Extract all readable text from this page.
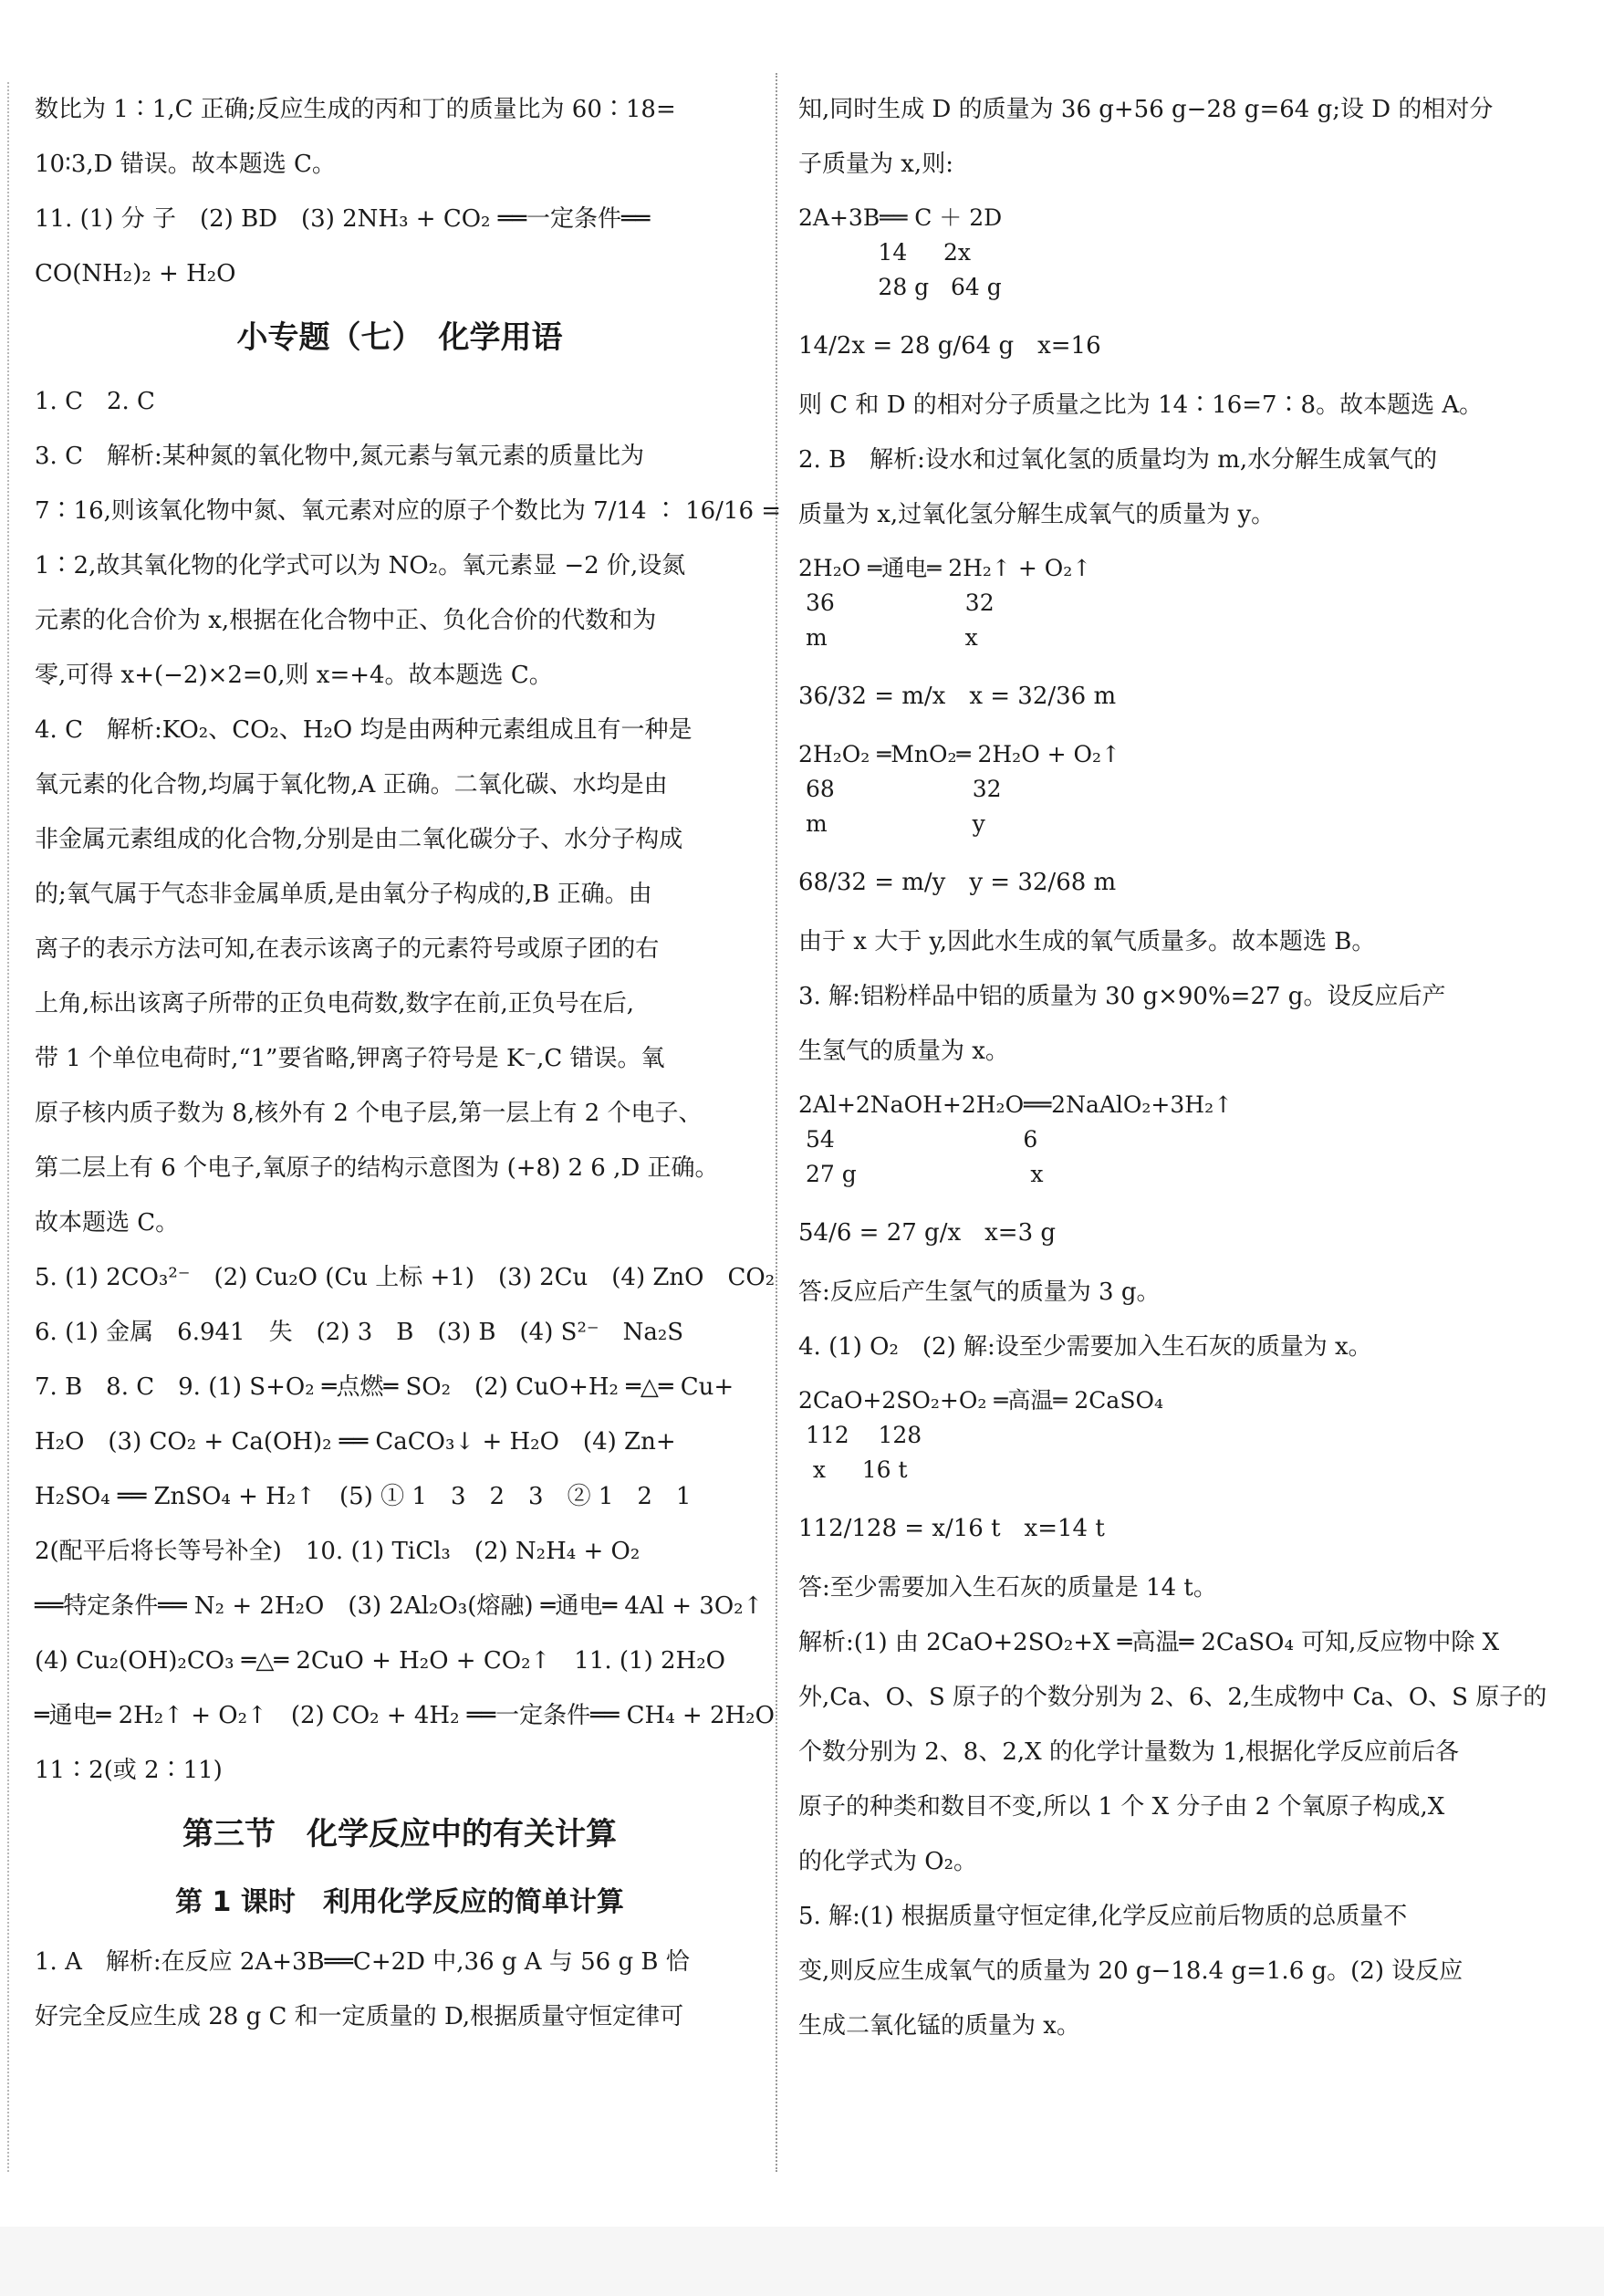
数比为 1∶1,C 正确;反应生成的丙和丁的质量比为 60∶18=
10∶3,D 错误。故本题选 C。
11. (1) 分 子　(2) BD　(3) 2NH₃ + CO₂ ══一定条件══
CO(NH₂)₂ + H₂O
小专题（七）　化学用语
1. C　2. C
3. C　解析:某种氮的氧化物中,氮元素与氧元素的质量比为
7∶16,则该氧化物中氮、氧元素对应的原子个数比为 7/14 ∶ 16/16 =
1∶2,故其氧化物的化学式可以为 NO₂。氧元素显 −2 价,设氮
元素的化合价为 x,根据在化合物中正、负化合价的代数和为
零,可得 x+(−2)×2=0,则 x=+4。故本题选 C。
4. C　解析:KO₂、CO₂、H₂O 均是由两种元素组成且有一种是
氧元素的化合物,均属于氧化物,A 正确。二氧化碳、水均是由
非金属元素组成的化合物,分别是由二氧化碳分子、水分子构成
的;氧气属于气态非金属单质,是由氧分子构成的,B 正确。由
离子的表示方法可知,在表示该离子的元素符号或原子团的右
上角,标出该离子所带的正负电荷数,数字在前,正负号在后,
带 1 个单位电荷时,“1”要省略,钾离子符号是 K⁻,C 错误。氧
原子核内质子数为 8,核外有 2 个电子层,第一层上有 2 个电子、
第二层上有 6 个电子,氧原子的结构示意图为 (+8) 2 6 ,D 正确。
故本题选 C。
5. (1) 2CO₃²⁻　(2) Cu₂O (Cu 上标 +1)　(3) 2Cu　(4) ZnO　CO₂
6. (1) 金属　6.941　失　(2) 3　B　(3) B　(4) S²⁻　Na₂S
7. B　8. C　9. (1) S+O₂ ═点燃═ SO₂　(2) CuO+H₂ ═△═ Cu+
H₂O　(3) CO₂ + Ca(OH)₂ ══ CaCO₃↓ + H₂O　(4) Zn+
H₂SO₄ ══ ZnSO₄ + H₂↑　(5) ① 1　3　2　3　② 1　2　1
2(配平后将长等号补全)　10. (1) TiCl₃　(2) N₂H₄ + O₂
══特定条件══ N₂ + 2H₂O　(3) 2Al₂O₃(熔融) ═通电═ 4Al + 3O₂↑
(4) Cu₂(OH)₂CO₃ ═△═ 2CuO + H₂O + CO₂↑　11. (1) 2H₂O
═通电═ 2H₂↑ + O₂↑　(2) CO₂ + 4H₂ ══一定条件══ CH₄ + 2H₂O
11∶2(或 2∶11)
第三节　化学反应中的有关计算
第 1 课时　利用化学反应的简单计算
1. A　解析:在反应 2A+3B══C+2D 中,36 g A 与 56 g B 恰
好完全反应生成 28 g C 和一定质量的 D,根据质量守恒定律可
知,同时生成 D 的质量为 36 g+56 g−28 g=64 g;设 D 的相对分
子质量为 x,则:
2A+3B══ C ＋ 2D
14     2x
28 g   64 g
14/2x = 28 g/64 g　x=16
则 C 和 D 的相对分子质量之比为 14∶16=7∶8。故本题选 A。
2. B　解析:设水和过氧化氢的质量均为 m,水分解生成氧气的
质量为 x,过氧化氢分解生成氧气的质量为 y。
2H₂O ═通电═ 2H₂↑ + O₂↑
36                  32
m                   x
36/32 = m/x　x = 32/36 m
2H₂O₂ ═MnO₂═ 2H₂O + O₂↑
68                   32
m                    y
68/32 = m/y　y = 32/68 m
由于 x 大于 y,因此水生成的氧气质量多。故本题选 B。
3. 解:铝粉样品中铝的质量为 30 g×90%=27 g。设反应后产
生氢气的质量为 x。
2Al+2NaOH+2H₂O══2NaAlO₂+3H₂↑
54                          6
27 g                        x
54/6 = 27 g/x　x=3 g
答:反应后产生氢气的质量为 3 g。
4. (1) O₂　(2) 解:设至少需要加入生石灰的质量为 x。
2CaO+2SO₂+O₂ ═高温═ 2CaSO₄
112    128
x     16 t
112/128 = x/16 t　x=14 t
答:至少需要加入生石灰的质量是 14 t。
解析:(1) 由 2CaO+2SO₂+X ═高温═ 2CaSO₄ 可知,反应物中除 X
外,Ca、O、S 原子的个数分别为 2、6、2,生成物中 Ca、O、S 原子的
个数分别为 2、8、2,X 的化学计量数为 1,根据化学反应前后各
原子的种类和数目不变,所以 1 个 X 分子由 2 个氧原子构成,X
的化学式为 O₂。
5. 解:(1) 根据质量守恒定律,化学反应前后物质的总质量不
变,则反应生成氧气的质量为 20 g−18.4 g=1.6 g。(2) 设反应
生成二氧化锰的质量为 x。
